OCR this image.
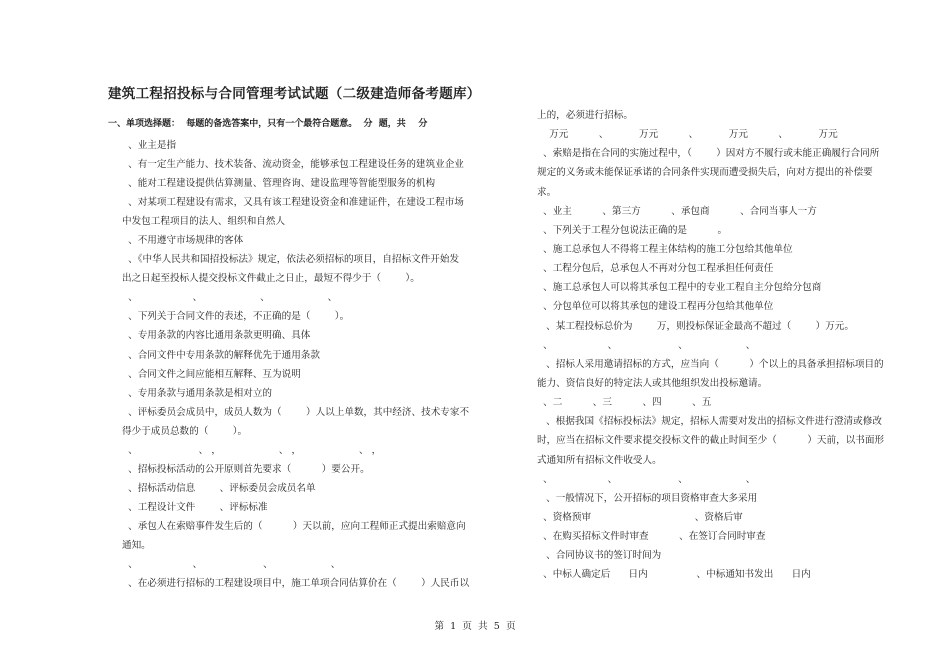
建筑工程招投标与合同管理考试试题（二级建造师备考题库）

一、单项选择题：  每题的备选答案中，只有一个最符合题意。  分  题，共    分

、业主是指

、有一定生产能力、技术装备、流动资金，能够承包工程建设任务的建筑业企业

、能对工程建设提供估算测量、管理咨询、建设监理等智能型服务的机构

、对某项工程建设有需求，又具有该工程建设资金和准建证件，在建设工程市场

中发包工程项目的法人、组织和自然人

、不用遵守市场规律的客体

、《中华人民共和国招投标法》规定，依法必须招标的项目，自招标文件开始发

出之日起至投标人提交投标文件截止之日止，最短不得少于（        ）。

、                  、                   、                   、

、下列关于合同文件的表述，不正确的是（        ）。

、专用条款的内容比通用条款更明确、具体

、合同文件中专用条款的解释优先于通用条款

、合同文件之间应能相互解释、互为说明

、专用条款与通用条款是相对立的

、评标委员会成员中，成员人数为（        ）人以上单数，其中经济、技术专家不

得少于成员总数的（        ）。

、                    、 ，                   、 ，                   、 ，

、招标投标活动的公开原则首先要求（          ）要公开。

、招标活动信息        、评标委员会成员名单

、工程设计文件        、评标标准

、承包人在索赔事件发生后的（          ）天以前，应向工程师正式提出索赔意向

通知。

、                  、                    、                   、

、在必须进行招标的工程建设项目中，施工单项合同估算价在（        ）人民币以

上的，必须进行招标。

万元          、          万元          、          万元          、          万元

、索赔是指在合同的实施过程中，（        ）因对方不履行或未能正确履行合同所

规定的义务或未能保证承诺的合同条件实现而遭受损失后，向对方提出的补偿要

求。

、业主          、第三方          、承包商          、合同当事人一方

、下列关于工程分包说法正确的是          。

、施工总承包人不得将工程主体结构的施工分包给其他单位

、工程分包后，总承包人不再对分包工程承担任何责任

、施工总承包人可以将其承包工程中的专业工程自主分包给分包商

、分包单位可以将其承包的建设工程再分包给其他单位

、某工程投标总价为        万，则投标保证金最高不超过（        ）万元。

、                  、                    、                   、

、招标人采用邀请招标的方式，应当向（          ）个以上的具备承担招标项目的

能力、资信良好的特定法人或其他组织发出投标邀请。

、二          、三          、四          、五

、根据我国《招标投标法》规定，招标人需要对发出的招标文件进行澄清或修改

时，应当在招标文件要求提交投标文件的截止时间至少（          ）天前，以书面形

式通知所有招标文件收受人。

、                  、                    、                   、

、一般情况下，公开招标的项目资格审查大多采用

、资格预审                                  、资格后审

、在购买招标文件时审查          、在签订合同时审查

、合同协议书的签订时间为

、中标人确定后      日内                、中标通知书发出      日内

第  1  页  共  5  页
